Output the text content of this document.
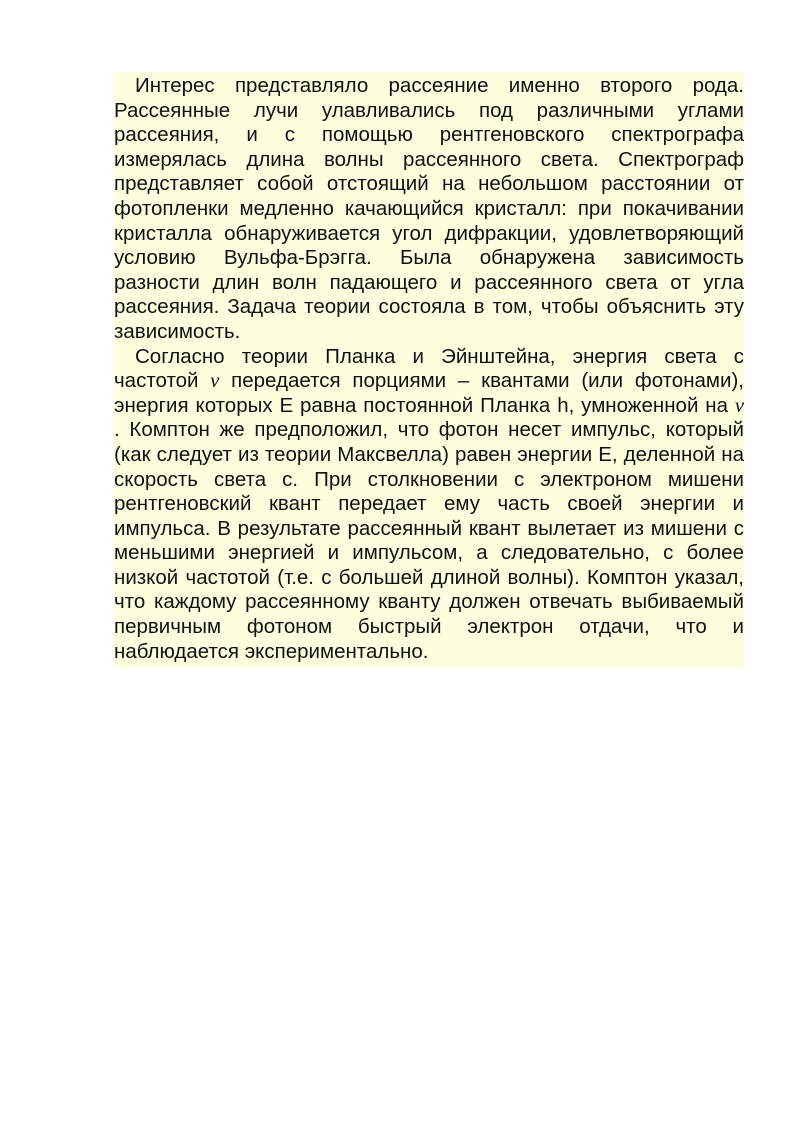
Интерес представляло рассеяние именно второго рода. Рассеянные лучи улавливались под различными углами рассеяния, и с помощью рентгеновского спектрографа измерялась длина волны рассеянного света. Спектрограф представляет собой отстоящий на небольшом расстоянии от фотопленки медленно качающийся кристалл: при покачивании кристалла обнаруживается угол дифракции, удовлетворяющий условию Вульфа-Брэгга. Была обнаружена зависимость разности длин волн падающего и рассеянного света от угла рассеяния. Задача теории состояла в том, чтобы объяснить эту зависимость.

Согласно теории Планка и Эйнштейна, энергия света с частотой ν передается порциями – квантами (или фотонами), энергия которых E равна постоянной Планка h, умноженной на ν . Комптон же предположил, что фотон несет импульс, который (как следует из теории Максвелла) равен энергии E, деленной на скорость света c. При столкновении с электроном мишени рентгеновский квант передает ему часть своей энергии и импульса. В результате рассеянный квант вылетает из мишени с меньшими энергией и импульсом, а следовательно, с более низкой частотой (т.е. с большей длиной волны). Комптон указал, что каждому рассеянному кванту должен отвечать выбиваемый первичным фотоном быстрый электрон отдачи, что и наблюдается экспериментально.
